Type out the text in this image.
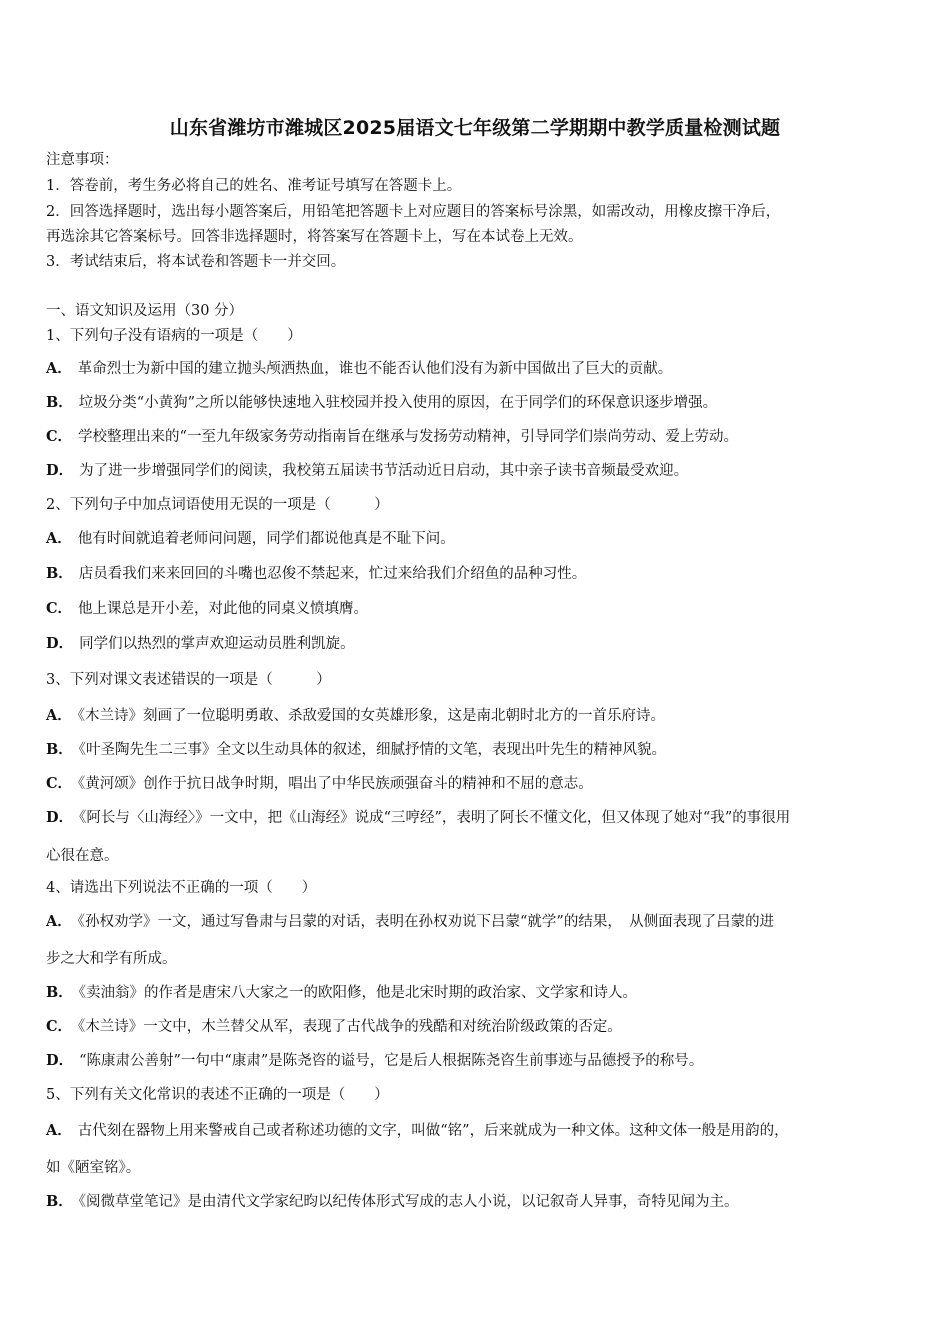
山东省潍坊市潍城区2025届语文七年级第二学期期中教学质量检测试题
注意事项：
1．答卷前，考生务必将自己的姓名、准考证号填写在答题卡上。
2．回答选择题时，选出每小题答案后，用铅笔把答题卡上对应题目的答案标号涂黑，如需改动，用橡皮擦干净后，
再选涂其它答案标号。回答非选择题时，将答案写在答题卡上，写在本试卷上无效。
3．考试结束后，将本试卷和答题卡一并交回。
一、语文知识及运用（30 分）
1、下列句子没有语病的一项是（　　）
A． 革命烈士为新中国的建立抛头颅洒热血，谁也不能否认他们没有为新中国做出了巨大的贡献。
B． 垃圾分类“小黄狗”之所以能够快速地入驻校园并投入使用的原因，在于同学们的环保意识逐步增强。
C． 学校整理出来的“一至九年级家务劳动指南旨在继承与发扬劳动精神，引导同学们崇尚劳动、爱上劳动。
D． 为了进一步增强同学们的阅读，我校第五届读书节活动近日启动，其中亲子读书音频最受欢迎。
2、下列句子中加点词语使用无误的一项是（　　　）
A． 他有时间就追着老师问问题，同学们都说他真是不耻下问。
B． 店员看我们来来回回的斗嘴也忍俊不禁起来，忙过来给我们介绍鱼的品种习性。
C． 他上课总是开小差，对此他的同桌义愤填膺。
D． 同学们以热烈的掌声欢迎运动员胜利凯旋。
3、下列对课文表述错误的一项是（　　　）
A． 《木兰诗》刻画了一位聪明勇敢、杀敌爱国的女英雄形象，这是南北朝时北方的一首乐府诗。
B． 《叶圣陶先生二三事》全文以生动具体的叙述，细腻抒情的文笔，表现出叶先生的精神风貌。
C． 《黄河颂》创作于抗日战争时期，唱出了中华民族顽强奋斗的精神和不屈的意志。
D． 《阿长与〈山海经〉》一文中，把《山海经》说成“三哼经”，表明了阿长不懂文化，但又体现了她对“我”的事很用
心很在意。
4、请选出下列说法不正确的一项（　　）
A． 《孙权劝学》一文，通过写鲁肃与吕蒙的对话，表明在孙权劝说下吕蒙“就学”的结果，　从侧面表现了吕蒙的进
步之大和学有所成。
B． 《卖油翁》的作者是唐宋八大家之一的欧阳修，他是北宋时期的政治家、文学家和诗人。
C． 《木兰诗》一文中，木兰替父从军，表现了古代战争的残酷和对统治阶级政策的否定。
D． “陈康肃公善射”一句中“康肃”是陈尧咨的谥号，它是后人根据陈尧咨生前事迹与品德授予的称号。
5、下列有关文化常识的表述不正确的一项是（　　）
A． 古代刻在器物上用来警戒自己或者称述功德的文字，叫做“铭”，后来就成为一种文体。这种文体一般是用韵的，
如《陋室铭》。
B． 《阅微草堂笔记》是由清代文学家纪昀以纪传体形式写成的志人小说，以记叙奇人异事，奇特见闻为主。
